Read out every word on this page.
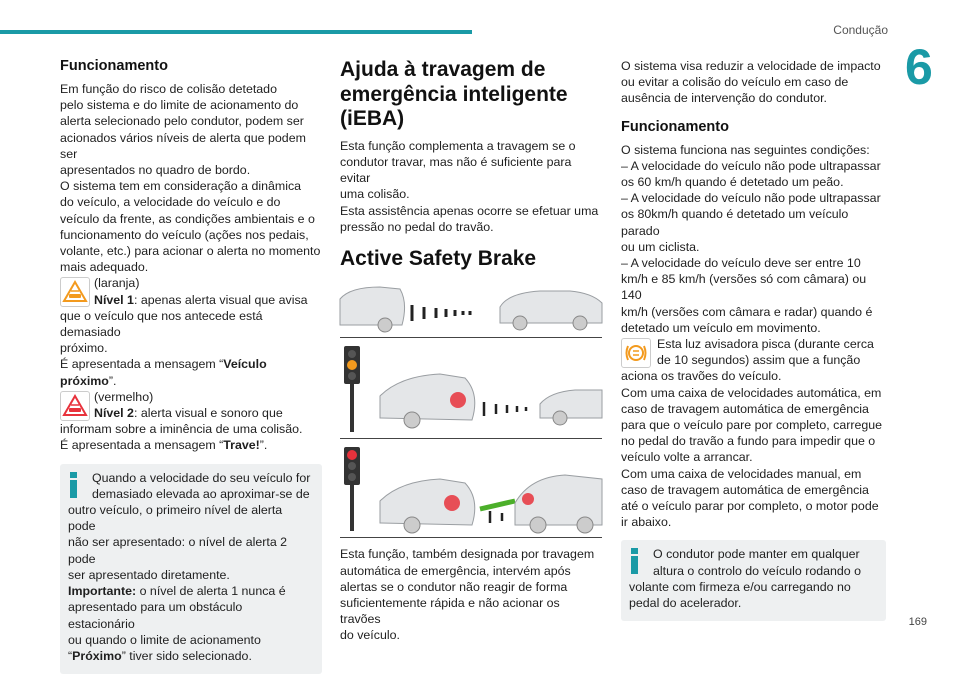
Condução
6
169
Funcionamento
Em função do risco de colisão detetado
pelo sistema e do limite de acionamento do
alerta selecionado pelo condutor, podem ser
acionados vários níveis de alerta que podem ser
apresentados no quadro de bordo.
O sistema tem em consideração a dinâmica
do veículo, a velocidade do veículo e do
veículo da frente, as condições ambientais e o
funcionamento do veículo (ações nos pedais,
volante, etc.) para acionar o alerta no momento
mais adequado.
(laranja)
Nível 1: apenas alerta visual que avisa
que o veículo que nos antecede está demasiado
próximo.
É apresentada a mensagem “Veículo próximo”.
(vermelho)
Nível 2: alerta visual e sonoro que
informam sobre a iminência de uma colisão.
É apresentada a mensagem “Trave!”.
Quando a velocidade do seu veículo for
demasiado elevada ao aproximar-se de
outro veículo, o primeiro nível de alerta pode
não ser apresentado: o nível de alerta 2 pode
ser apresentado diretamente.
Importante: o nível de alerta 1 nunca é
apresentado para um obstáculo estacionário
ou quando o limite de acionamento
“Próximo” tiver sido selecionado.
Ajuda à travagem de
emergência inteligente
(iEBA)
Esta função complementa a travagem se o
condutor travar, mas não é suficiente para evitar
uma colisão.
Esta assistência apenas ocorre se efetuar uma
pressão no pedal do travão.
Active Safety Brake
Esta função, também designada por travagem
automática de emergência, intervém após
alertas se o condutor não reagir de forma
suficientemente rápida e não acionar os travões
do veículo.
O sistema visa reduzir a velocidade de impacto
ou evitar a colisão do veículo em caso de
ausência de intervenção do condutor.
Funcionamento
O sistema funciona nas seguintes condições:
– A velocidade do veículo não pode ultrapassar
os 60 km/h quando é detetado um peão.
– A velocidade do veículo não pode ultrapassar
os 80km/h quando é detetado um veículo parado
ou um ciclista.
– A velocidade do veículo deve ser entre 10
km/h e 85 km/h (versões só com câmara) ou 140
km/h (versões com câmara e radar) quando é
detetado um veículo em movimento.
Esta luz avisadora pisca (durante cerca
de 10 segundos) assim que a função
aciona os travões do veículo.
Com uma caixa de velocidades automática, em
caso de travagem automática de emergência
para que o veículo pare por completo, carregue
no pedal do travão a fundo para impedir que o
veículo volte a arrancar.
Com uma caixa de velocidades manual, em
caso de travagem automática de emergência
até o veículo parar por completo, o motor pode
ir abaixo.
O condutor pode manter em qualquer
altura o controlo do veículo rodando o
volante com firmeza e/ou carregando no
pedal do acelerador.
